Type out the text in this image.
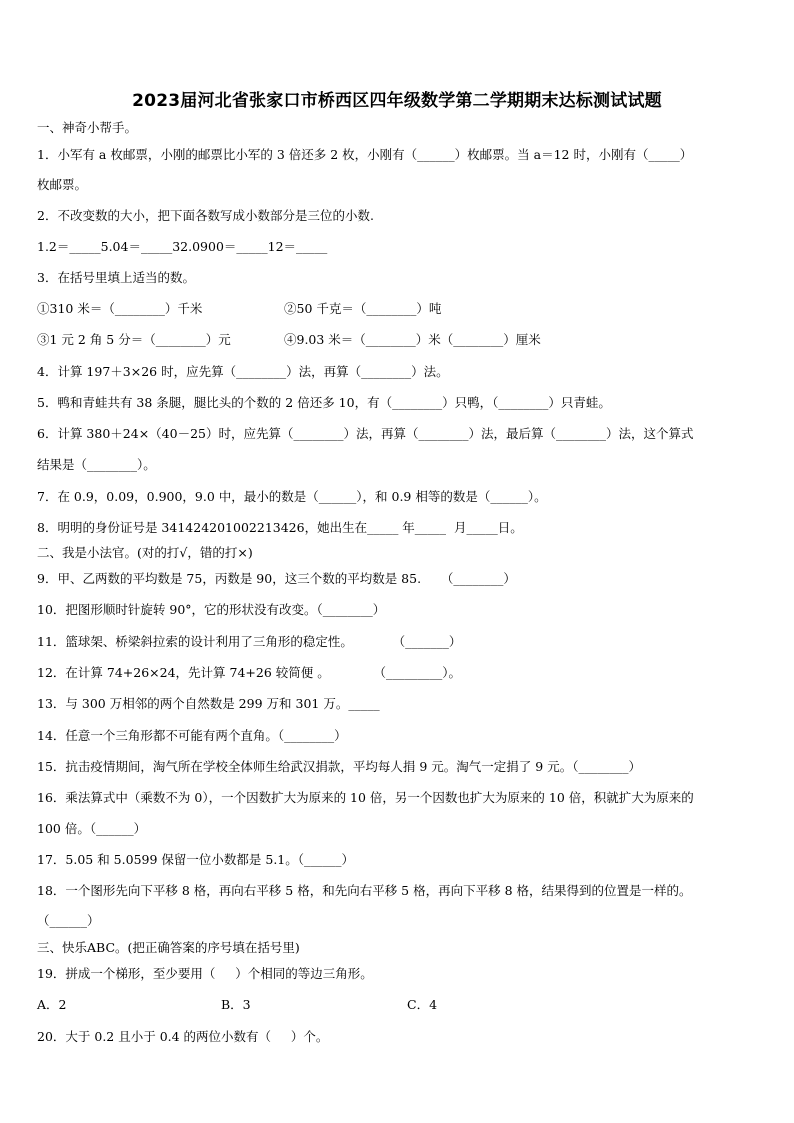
2023届河北省张家口市桥西区四年级数学第二学期期末达标测试试题
一、神奇小帮手。
1．小军有 a 枚邮票，小刚的邮票比小军的 3 倍还多 2 枚，小刚有（______）枚邮票。当 a＝12 时，小刚有（_____）
枚邮票。
2．不改变数的大小，把下面各数写成小数部分是三位的小数.
1.2＝_____5.04＝_____32.0900＝_____12＝_____
3．在括号里填上适当的数。
①310 米＝（________）千米	②50 千克＝（________）吨
③1 元 2 角 5 分＝（________）元	④9.03 米＝（________）米（________）厘米
4．计算 197＋3×26 时，应先算（________）法，再算（________）法。
5．鸭和青蛙共有 38 条腿，腿比头的个数的 2 倍还多 10，有（________）只鸭，（________）只青蛙。
6．计算 380＋24×（40－25）时，应先算（________）法，再算（________）法，最后算（________）法，这个算式
结果是（________）。
7．在 0.9，0.09，0.900，9.0 中，最小的数是（______），和 0.9 相等的数是（______）。
8．明明的身份证号是 341424201002213426，她出生在_____ 年_____  月_____日。
二、我是小法官。(对的打√，错的打×)
9．甲、乙两数的平均数是 75，丙数是 90，这三个数的平均数是 85.     （________）
10．把图形顺时针旋转 90°，它的形状没有改变。（________）
11．篮球架、桥梁斜拉索的设计利用了三角形的稳定性。          （_______）
12．在计算 74+26×24，先计算 74+26 较简便 。           （_________）。
13．与 300 万相邻的两个自然数是 299 万和 301 万。_____
14．任意一个三角形都不可能有两个直角。（________）
15．抗击疫情期间，淘气所在学校全体师生给武汉捐款，平均每人捐 9 元。淘气一定捐了 9 元。（________）
16．乘法算式中（乘数不为 0），一个因数扩大为原来的 10 倍，另一个因数也扩大为原来的 10 倍，积就扩大为原来的
100 倍。（______）
17．5.05 和 5.0599 保留一位小数都是 5.1。（______）
18．一个图形先向下平移 8 格，再向右平移 5 格，和先向右平移 5 格，再向下平移 8 格，结果得到的位置是一样的。
（______）
三、快乐ABC。(把正确答案的序号填在括号里)
19．拼成一个梯形，至少要用（     ）个相同的等边三角形。
A．2	B．3	C．4
20．大于 0.2 且小于 0.4 的两位小数有（     ）个。
